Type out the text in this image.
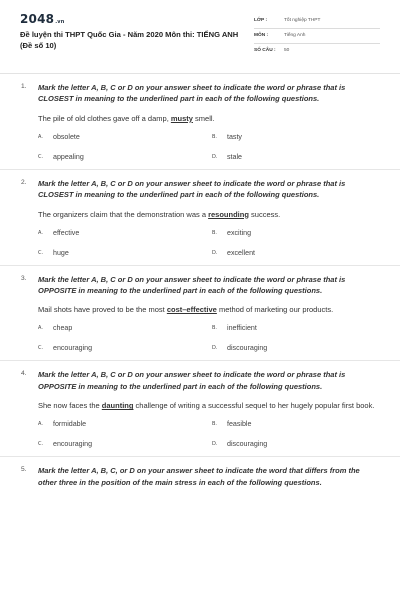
2048.vn
Đề luyện thi THPT Quốc Gia - Năm 2020 Môn thi: TIẾNG ANH (Đề số 10)
LỚP :	Tốt nghiệp THPT
MÔN :	Tiếng Anh
SỐ CÂU : 50
1. Mark the letter A, B, C or D on your answer sheet to indicate the word or phrase that is CLOSEST in meaning to the underlined part in each of the following questions.
The pile of old clothes gave off a damp, musty smell.
A.	obsolete	B.	tasty
C.	appealing	D.	stale
2. Mark the letter A, B, C or D on your answer sheet to indicate the word or phrase that is CLOSEST in meaning to the underlined part in each of the following questions.
The organizers claim that the demonstration was a resounding success.
A.	effective	B.	exciting
C.	huge	D.	excellent
3. Mark the letter A, B, C or D on your answer sheet to indicate the word or phrase that is OPPOSITE in meaning to the underlined part in each of the following questions.
Mail shots have proved to be the most cost–effective method of marketing our products.
A.	cheap	B.	inefficient
C.	encouraging	D.	discouraging
4. Mark the letter A, B, C or D on your answer sheet to indicate the word or phrase that is OPPOSITE in meaning to the underlined part in each of the following questions.
She now faces the daunting challenge of writing a successful sequel to her hugely popular first book.
A.	formidable	B.	feasible
C.	encouraging	D.	discouraging
5. Mark the letter A, B, C, or D on your answer sheet to indicate the word that differs from the other three in the position of the main stress in each of the following questions.
